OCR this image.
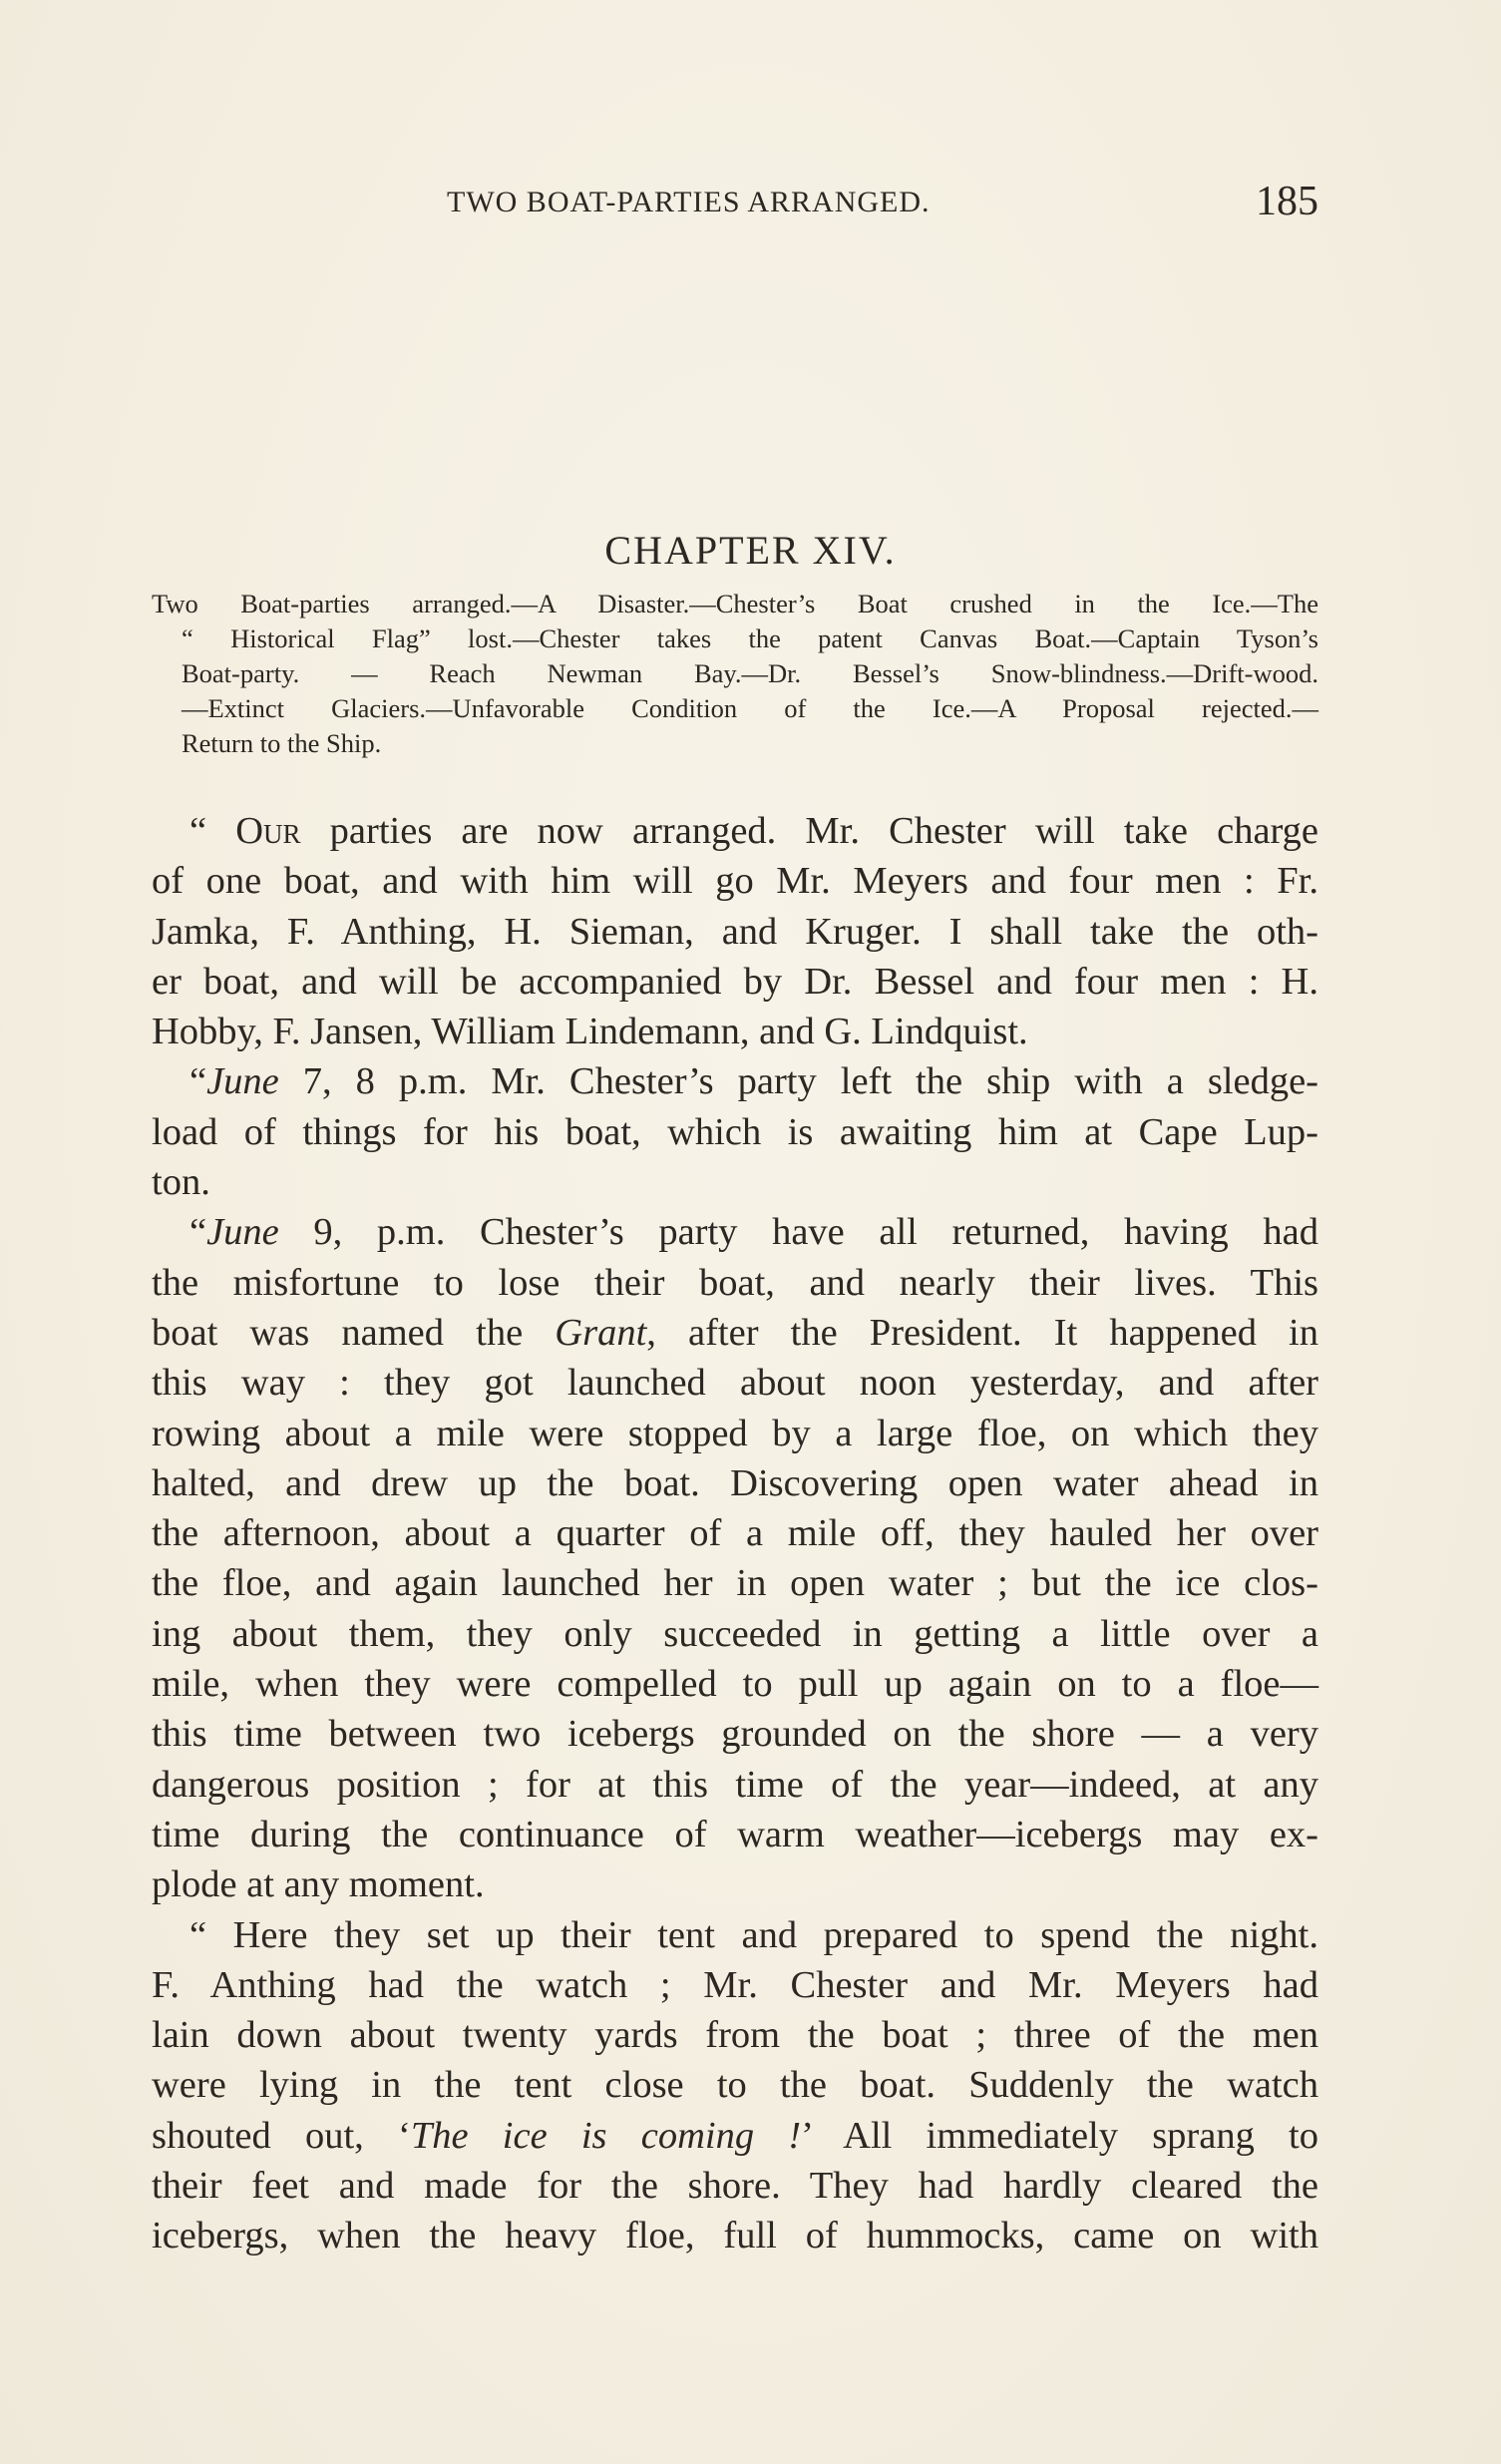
TWO BOAT-PARTIES ARRANGED.	185
CHAPTER XIV.
Two Boat-parties arranged.—A Disaster.—Chester’s Boat crushed in the Ice.—The
“ Historical Flag” lost.—Chester takes the patent Canvas Boat.—Captain Tyson’s
Boat-party. — Reach Newman Bay.—Dr. Bessel’s Snow-blindness.—Drift-wood.
—Extinct Glaciers.—Unfavorable Condition of the Ice.—A Proposal rejected.—
Return to the Ship.
“ Our parties are now arranged. Mr. Chester will take charge
of one boat, and with him will go Mr. Meyers and four men : Fr.
Jamka, F. Anthing, H. Sieman, and Kruger. I shall take the oth-
er boat, and will be accompanied by Dr. Bessel and four men : H.
Hobby, F. Jansen, William Lindemann, and G. Lindquist.
“June 7, 8 p.m. Mr. Chester’s party left the ship with a sledge-
load of things for his boat, which is awaiting him at Cape Lup-
ton.
“June 9, p.m. Chester’s party have all returned, having had
the misfortune to lose their boat, and nearly their lives. This
boat was named the Grant, after the President. It happened in
this way : they got launched about noon yesterday, and after
rowing about a mile were stopped by a large floe, on which they
halted, and drew up the boat. Discovering open water ahead in
the afternoon, about a quarter of a mile off, they hauled her over
the floe, and again launched her in open water ; but the ice clos-
ing about them, they only succeeded in getting a little over a
mile, when they were compelled to pull up again on to a floe—
this time between two icebergs grounded on the shore — a very
dangerous position ; for at this time of the year—indeed, at any
time during the continuance of warm weather—icebergs may ex-
plode at any moment.
“ Here they set up their tent and prepared to spend the night.
F. Anthing had the watch ; Mr. Chester and Mr. Meyers had
lain down about twenty yards from the boat ; three of the men
were lying in the tent close to the boat. Suddenly the watch
shouted out, ‘The ice is coming !’ All immediately sprang to
their feet and made for the shore. They had hardly cleared the
icebergs, when the heavy floe, full of hummocks, came on with
